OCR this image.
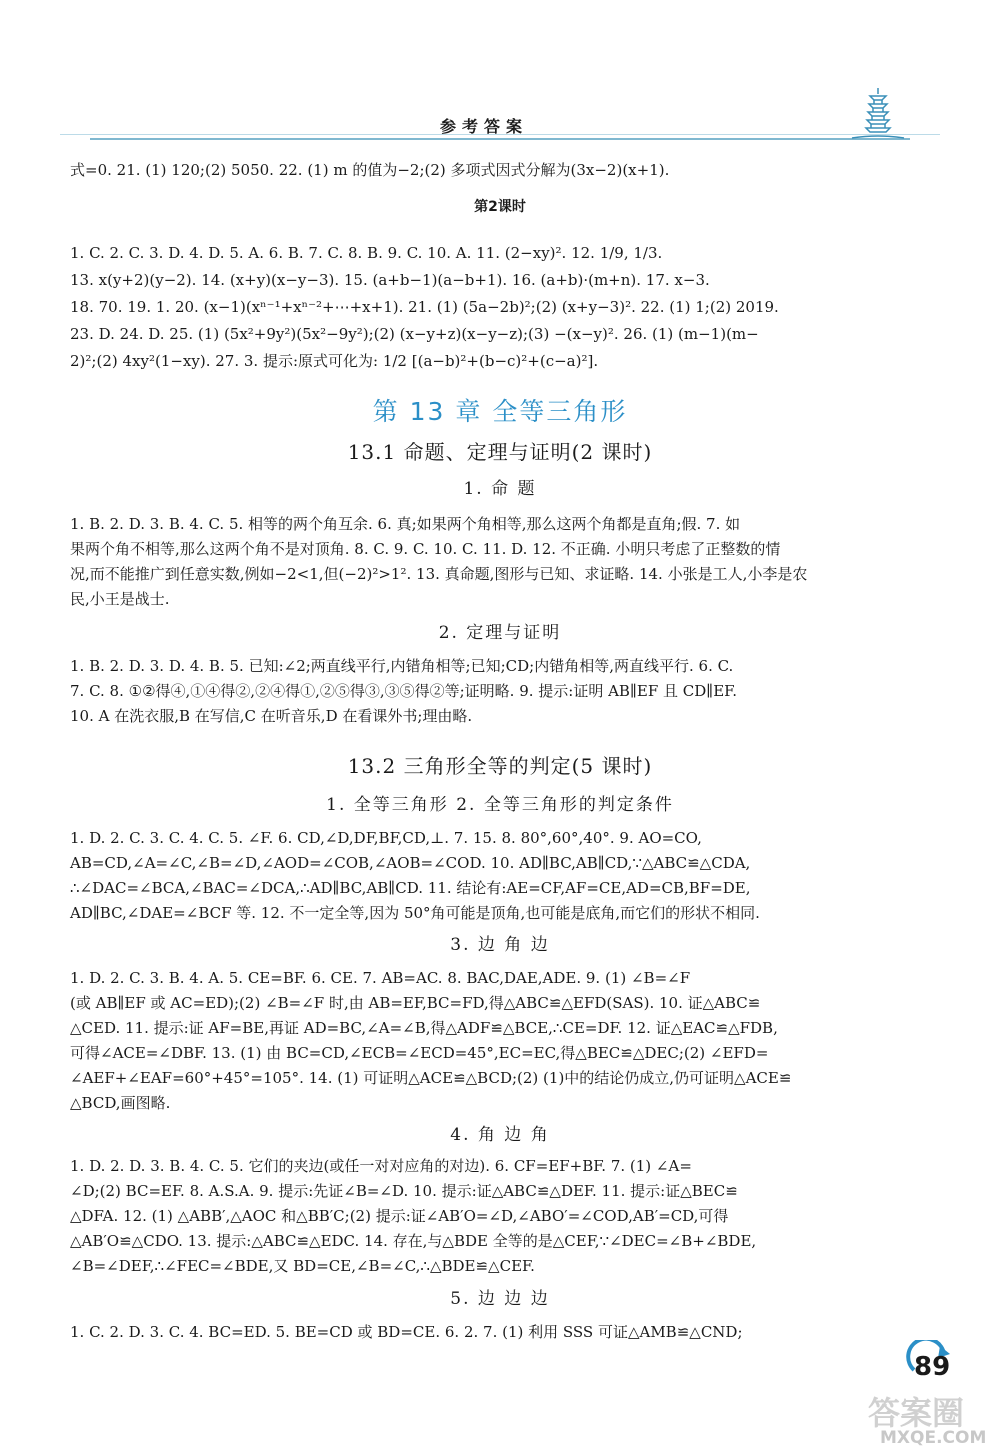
参考答案

式=0. 21. (1) 120;(2) 5050. 22. (1) m 的值为−2;(2) 多项式因式分解为(3x−2)(x+1).

第2课时

1. C. 2. C. 3. D. 4. D. 5. A. 6. B. 7. C. 8. B. 9. C. 10. A. 11. (2−xy)². 12. 1/9, 1/3.

13. x(y+2)(y−2). 14. (x+y)(x−y−3). 15. (a+b−1)(a−b+1). 16. (a+b)·(m+n). 17. x−3.

18. 70. 19. 1. 20. (x−1)(xⁿ⁻¹+xⁿ⁻²+⋯+x+1). 21. (1) (5a−2b)²;(2) (x+y−3)². 22. (1) 1;(2) 2019.

23. D. 24. D. 25. (1) (5x²+9y²)(5x²−9y²);(2) (x−y+z)(x−y−z);(3) −(x−y)². 26. (1) (m−1)(m−

2)²;(2) 4xy²(1−xy). 27. 3. 提示:原式可化为: 1/2 [(a−b)²+(b−c)²+(c−a)²].

第 13 章 全等三角形
13.1 命题、定理与证明(2 课时)
1. 命 题

1. B. 2. D. 3. B. 4. C. 5. 相等的两个角互余. 6. 真;如果两个角相等,那么这两个角都是直角;假. 7. 如

果两个角不相等,那么这两个角不是对顶角. 8. C. 9. C. 10. C. 11. D. 12. 不正确. 小明只考虑了正整数的情

况,而不能推广到任意实数,例如−2<1,但(−2)²>1². 13. 真命题,图形与已知、求证略. 14. 小张是工人,小李是农

民,小王是战士.

2. 定理与证明

1. B. 2. D. 3. D. 4. B. 5. 已知:∠2;两直线平行,内错角相等;已知;CD;内错角相等,两直线平行. 6. C.

7. C. 8. ①②得④,①④得②,②④得①,②⑤得③,③⑤得②等;证明略. 9. 提示:证明 AB∥EF 且 CD∥EF.

10. A 在洗衣服,B 在写信,C 在听音乐,D 在看课外书;理由略.

13.2 三角形全等的判定(5 课时)
1. 全等三角形 2. 全等三角形的判定条件

1. D. 2. C. 3. C. 4. C. 5. ∠F. 6. CD,∠D,DF,BF,CD,⊥. 7. 15. 8. 80°,60°,40°. 9. AO=CO,

AB=CD,∠A=∠C,∠B=∠D,∠AOD=∠COB,∠AOB=∠COD. 10. AD∥BC,AB∥CD,∵△ABC≌△CDA,

∴∠DAC=∠BCA,∠BAC=∠DCA,∴AD∥BC,AB∥CD. 11. 结论有:AE=CF,AF=CE,AD=CB,BF=DE,

AD∥BC,∠DAE=∠BCF 等. 12. 不一定全等,因为 50°角可能是顶角,也可能是底角,而它们的形状不相同.

3. 边 角 边

1. D. 2. C. 3. B. 4. A. 5. CE=BF. 6. CE. 7. AB=AC. 8. BAC,DAE,ADE. 9. (1) ∠B=∠F

(或 AB∥EF 或 AC=ED);(2) ∠B=∠F 时,由 AB=EF,BC=FD,得△ABC≌△EFD(SAS). 10. 证△ABC≌

△CED. 11. 提示:证 AF=BE,再证 AD=BC,∠A=∠B,得△ADF≌△BCE,∴CE=DF. 12. 证△EAC≌△FDB,

可得∠ACE=∠DBF. 13. (1) 由 BC=CD,∠ECB=∠ECD=45°,EC=EC,得△BEC≌△DEC;(2) ∠EFD=

∠AEF+∠EAF=60°+45°=105°. 14. (1) 可证明△ACE≌△BCD;(2) (1)中的结论仍成立,仍可证明△ACE≌

△BCD,画图略.

4. 角 边 角

1. D. 2. D. 3. B. 4. C. 5. 它们的夹边(或任一对对应角的对边). 6. CF=EF+BF. 7. (1) ∠A=

∠D;(2) BC=EF. 8. A.S.A. 9. 提示:先证∠B=∠D. 10. 提示:证△ABC≌△DEF. 11. 提示:证△BEC≌

△DFA. 12. (1) △ABB′,△AOC 和△BB′C;(2) 提示:证∠AB′O=∠D,∠ABO′=∠COD,AB′=CD,可得

△AB′O≌△CDO. 13. 提示:△ABC≌△EDC. 14. 存在,与△BDE 全等的是△CEF,∵∠DEC=∠B+∠BDE,

∠B=∠DEF,∴∠FEC=∠BDE,又 BD=CE,∠B=∠C,∴△BDE≌△CEF.

5. 边 边 边

1. C. 2. D. 3. C. 4. BC=ED. 5. BE=CD 或 BD=CE. 6. 2. 7. (1) 利用 SSS 可证△AMB≌△CND;

89
答案圈
MXQE.COM
